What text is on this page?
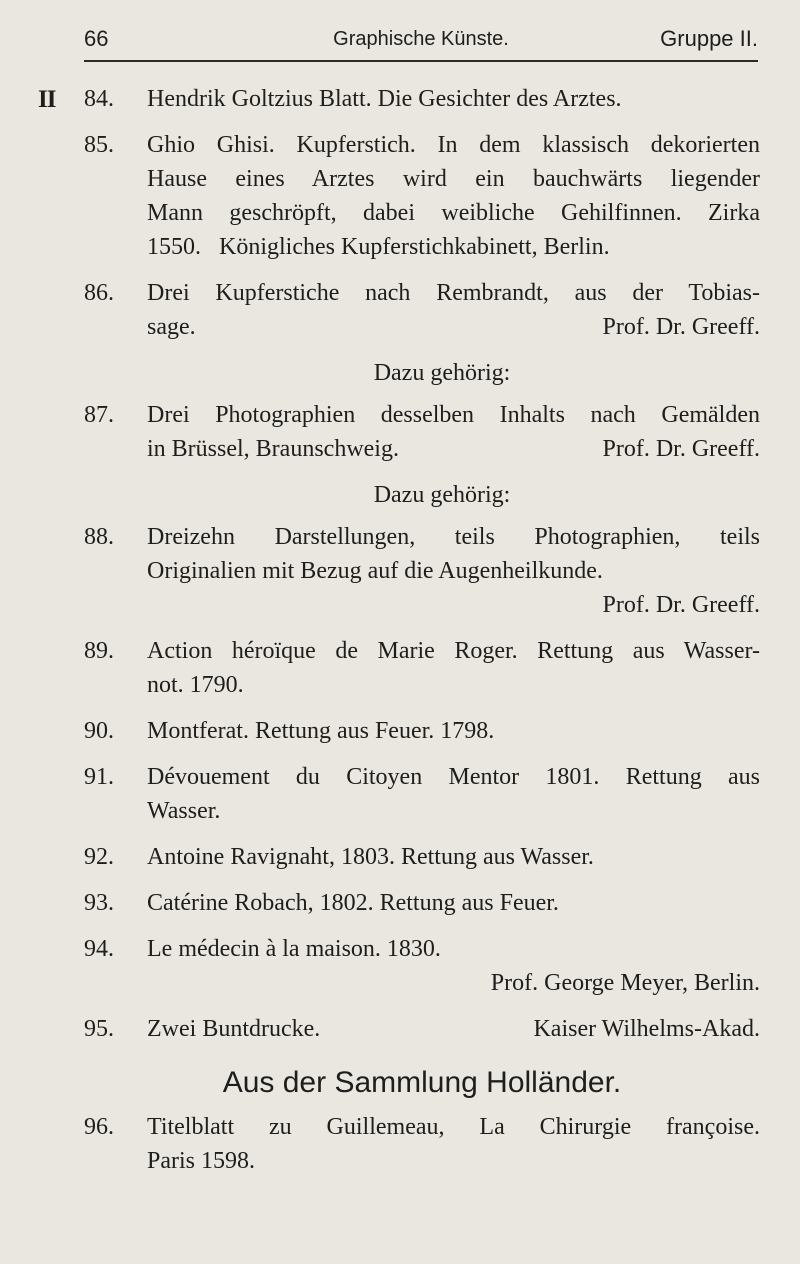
66	Graphische Künste.	Gruppe II.
II 84. Hendrik Goltzius Blatt. Die Gesichter des Arztes.
85. Ghio Ghisi. Kupferstich. In dem klassisch dekorierten
Hause eines Arztes wird ein bauchwärts liegender
Mann geschröpft, dabei weibliche Gehilfinnen. Zirka
1550.   Königliches Kupferstichkabinett, Berlin.
86. Drei Kupferstiche nach Rembrandt, aus der Tobias-
sage.	Prof. Dr. Greeff.
Dazu gehörig:
87. Drei Photographien desselben Inhalts nach Gemälden
in Brüssel, Braunschweig.	Prof. Dr. Greeff.
Dazu gehörig:
88. Dreizehn Darstellungen, teils Photographien, teils
Originalien mit Bezug auf die Augenheilkunde.
Prof. Dr. Greeff.
89. Action héroïque de Marie Roger. Rettung aus Wasser-
not. 1790.
90. Montferat. Rettung aus Feuer. 1798.
91. Dévouement du Citoyen Mentor 1801. Rettung aus
Wasser.
92. Antoine Ravignaht, 1803. Rettung aus Wasser.
93. Catérine Robach, 1802. Rettung aus Feuer.
94. Le médecin à la maison. 1830.
Prof. George Meyer, Berlin.
95. Zwei Buntdrucke.	Kaiser Wilhelms-Akad.
Aus der Sammlung Holländer.
96. Titelblatt zu Guillemeau, La Chirurgie françoise.
Paris 1598.
